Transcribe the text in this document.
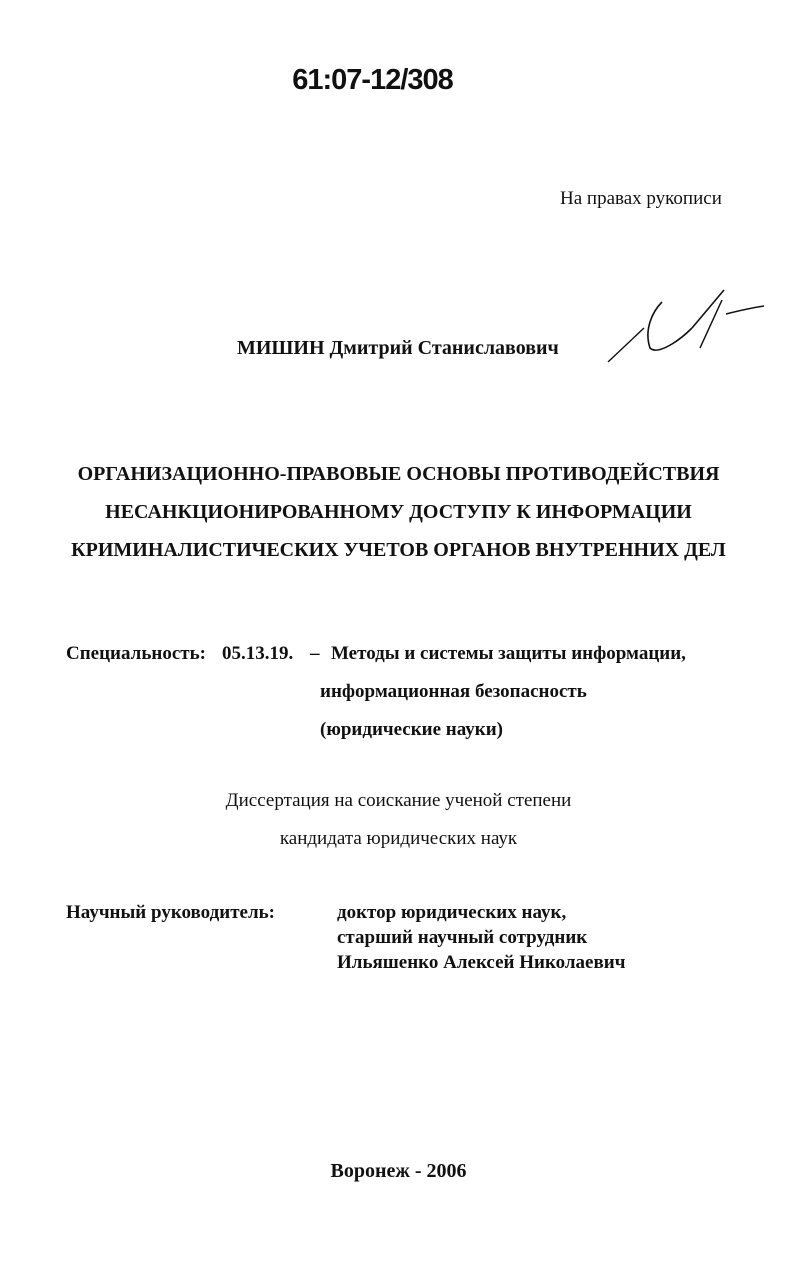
61:07-12/308
На правах рукописи
МИШИН Дмитрий Станиславович
ОРГАНИЗАЦИОННО-ПРАВОВЫЕ ОСНОВЫ ПРОТИВОДЕЙСТВИЯ
НЕСАНКЦИОНИРОВАННОМУ ДОСТУПУ К ИНФОРМАЦИИ
КРИМИНАЛИСТИЧЕСКИХ УЧЕТОВ ОРГАНОВ ВНУТРЕННИХ ДЕЛ
Специальность: 05.13.19. – Методы и системы защиты информации,
информационная безопасность
(юридические науки)
Диссертация на соискание ученой степени
кандидата юридических наук
Научный руководитель:	доктор юридических наук,
старший научный сотрудник
Ильяшенко Алексей Николаевич
Воронеж - 2006
